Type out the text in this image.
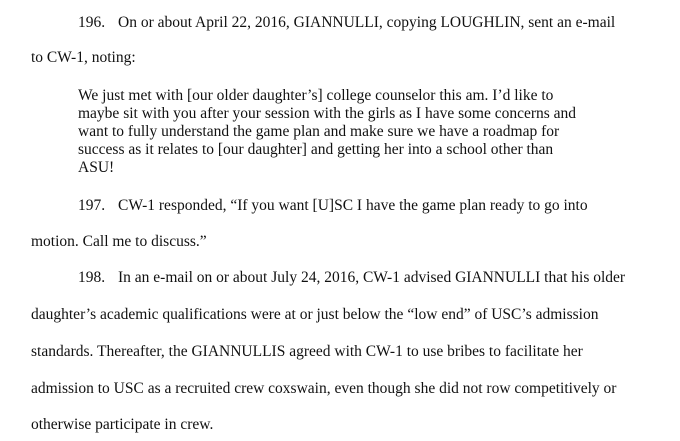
196. On or about April 22, 2016, GIANNULLI, copying LOUGHLIN, sent an e-mail
to CW-1, noting:
We just met with [our older daughter’s] college counselor this am. I’d like to
maybe sit with you after your session with the girls as I have some concerns and
want to fully understand the game plan and make sure we have a roadmap for
success as it relates to [our daughter] and getting her into a school other than
ASU!
197. CW-1 responded, “If you want [U]SC I have the game plan ready to go into
motion. Call me to discuss.”
198. In an e-mail on or about July 24, 2016, CW-1 advised GIANNULLI that his older
daughter’s academic qualifications were at or just below the “low end” of USC’s admission
standards. Thereafter, the GIANNULLIS agreed with CW-1 to use bribes to facilitate her
admission to USC as a recruited crew coxswain, even though she did not row competitively or
otherwise participate in crew.
